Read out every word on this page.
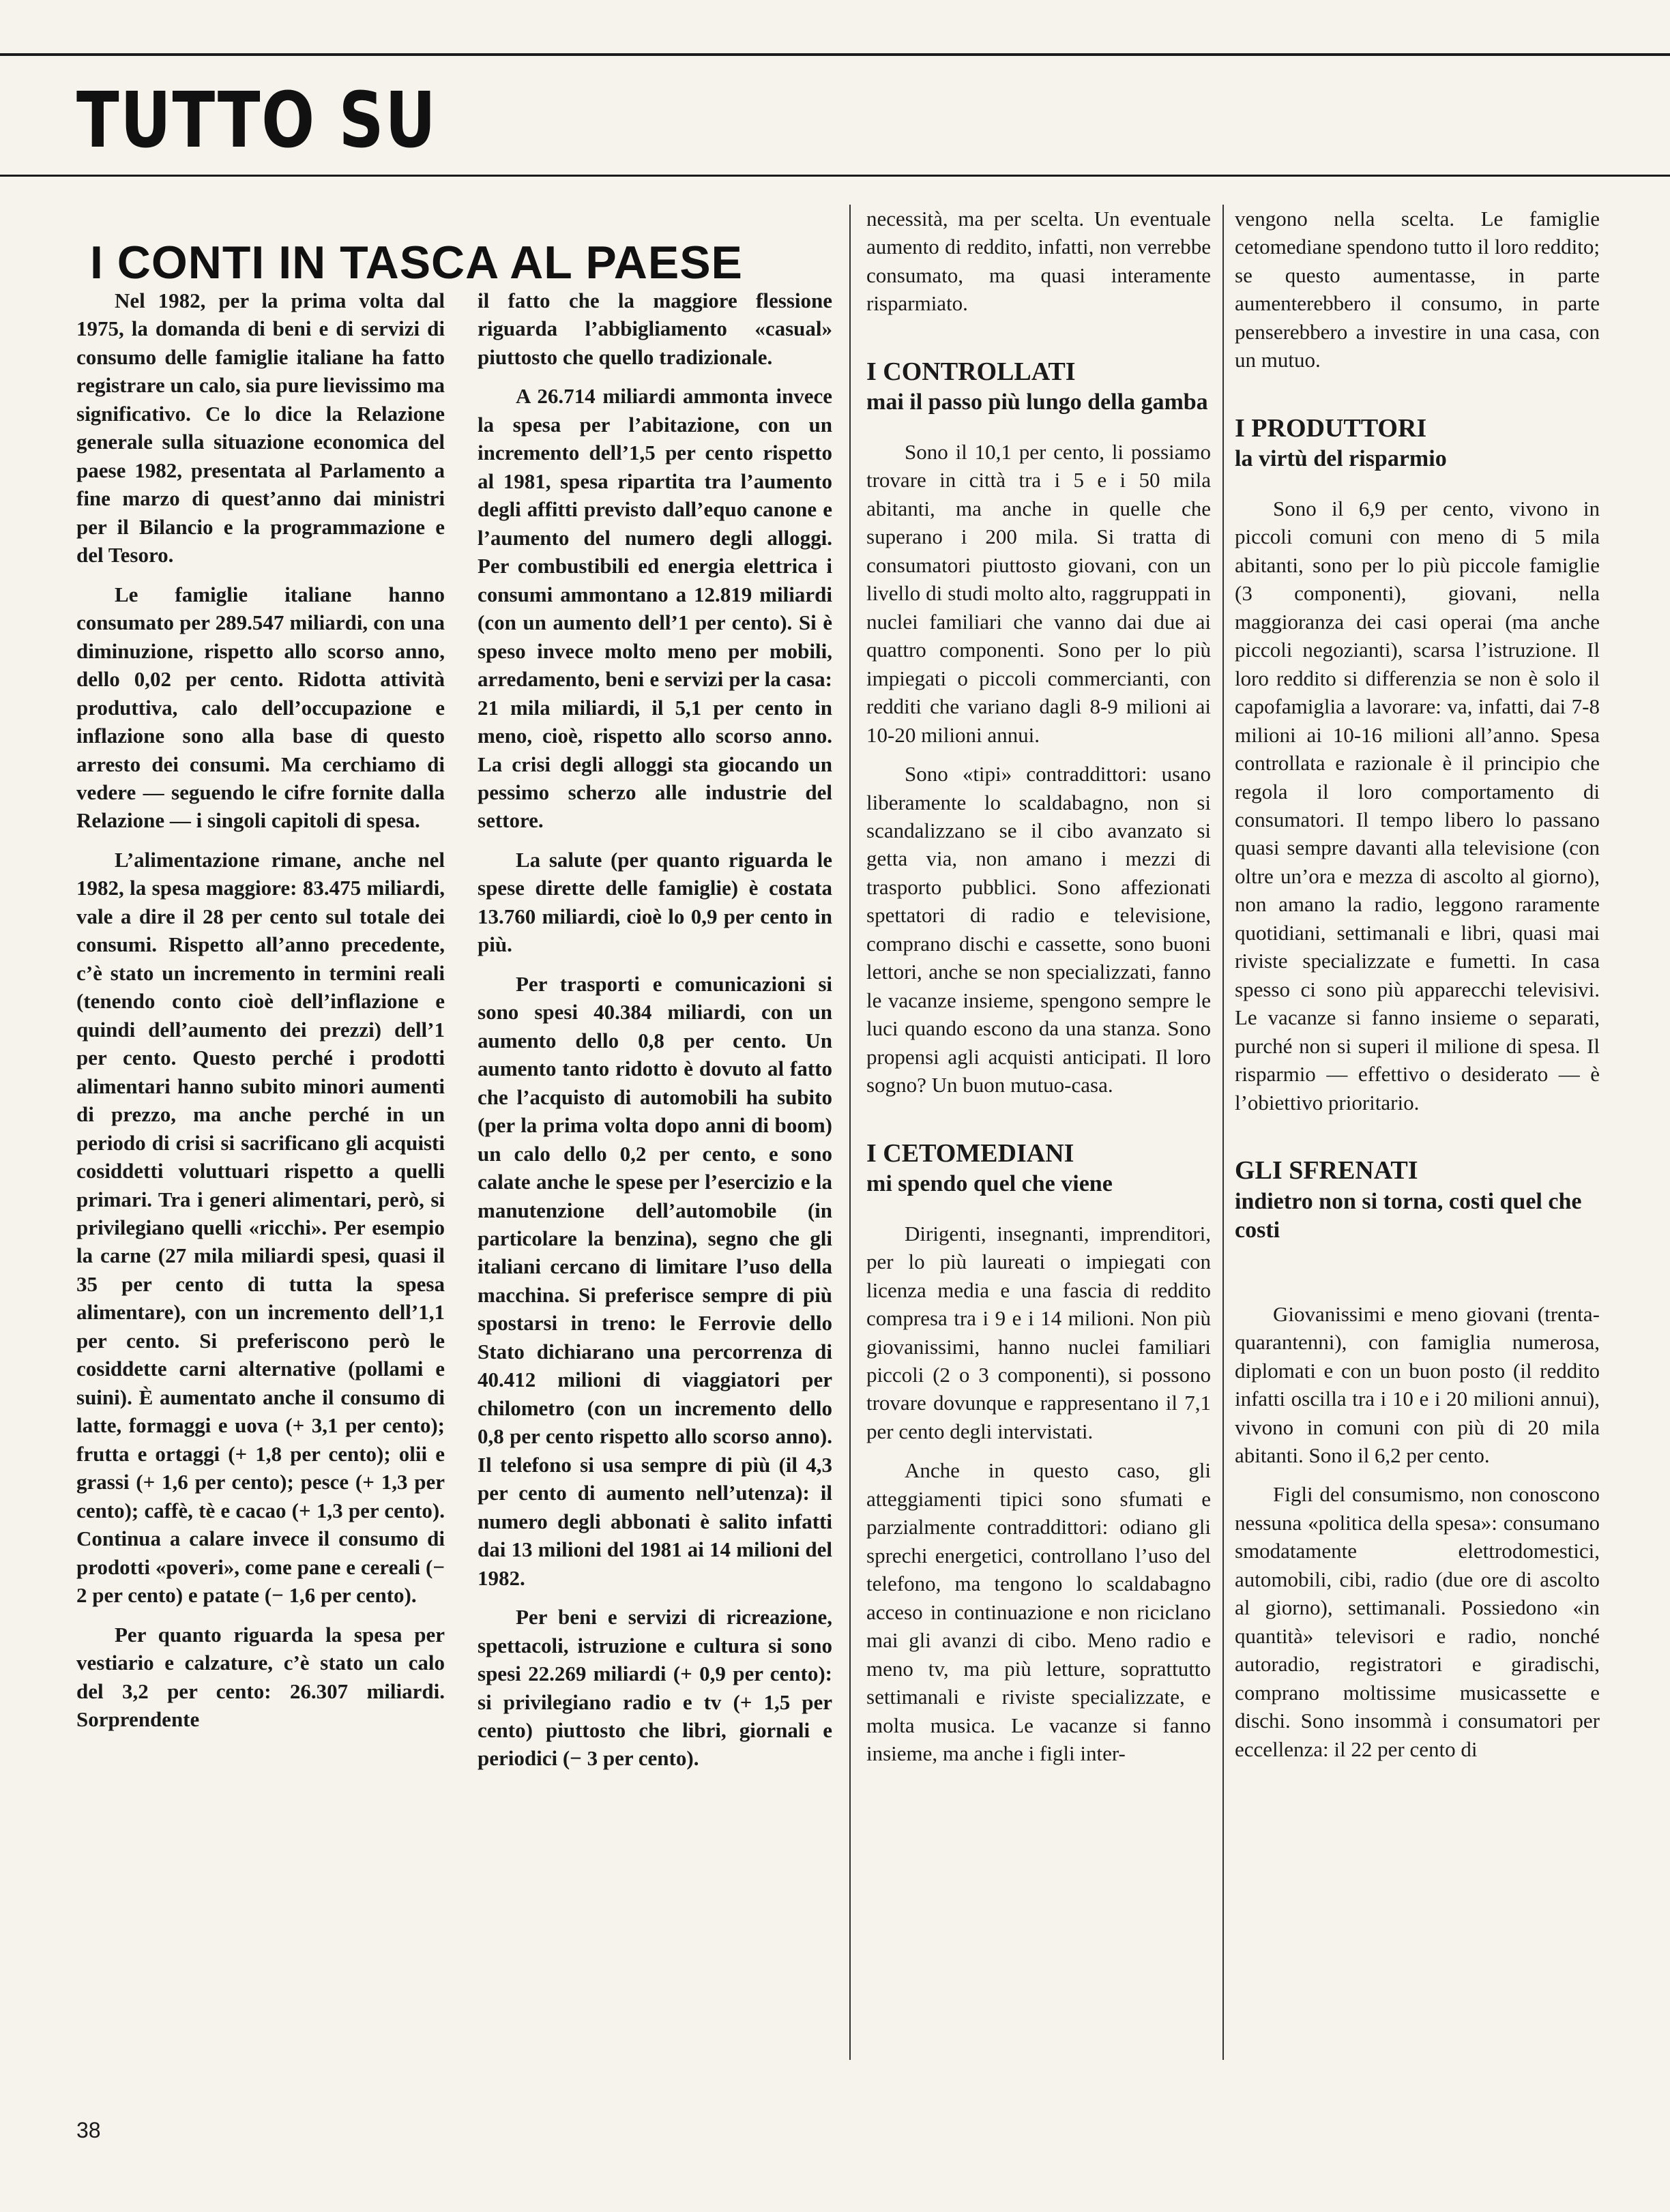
TUTTO SU
I CONTI IN TASCA AL PAESE

Nel 1982, per la prima volta dal 1975, la domanda di beni e di servizi di consumo delle famiglie italiane ha fatto registrare un calo, sia pure lievissimo ma significativo. Ce lo dice la Relazione generale sulla situazione economica del paese 1982, presentata al Parlamento a fine marzo di quest’anno dai ministri per il Bilancio e la programmazione e del Tesoro.

Le famiglie italiane hanno consumato per 289.547 miliardi, con una diminuzione, rispetto allo scorso anno, dello 0,02 per cento. Ridotta attività produttiva, calo dell’occupazione e inflazione sono alla base di questo arresto dei consumi. Ma cerchiamo di vedere — seguendo le cifre fornite dalla Relazione — i singoli capitoli di spesa.

L’alimentazione rimane, anche nel 1982, la spesa maggiore: 83.475 miliardi, vale a dire il 28 per cento sul totale dei consumi. Rispetto all’anno precedente, c’è stato un incremento in termini reali (tenendo conto cioè dell’inflazione e quindi dell’aumento dei prezzi) dell’1 per cento. Questo perché i prodotti alimentari hanno subito minori aumenti di prezzo, ma anche perché in un periodo di crisi si sacrificano gli acquisti cosiddetti voluttuari rispetto a quelli primari. Tra i generi alimentari, però, si privilegiano quelli «ricchi». Per esempio la carne (27 mila miliardi spesi, quasi il 35 per cento di tutta la spesa alimentare), con un incremento dell’1,1 per cento. Si preferiscono però le cosiddette carni alternative (pollami e suini). È aumentato anche il consumo di latte, formaggi e uova (+ 3,1 per cento); frutta e ortaggi (+ 1,8 per cento); olii e grassi (+ 1,6 per cento); pesce (+ 1,3 per cento); caffè, tè e cacao (+ 1,3 per cento). Continua a calare invece il consumo di prodotti «poveri», come pane e cereali (− 2 per cento) e patate (− 1,6 per cento).

Per quanto riguarda la spesa per vestiario e calzature, c’è stato un calo del 3,2 per cento: 26.307 miliardi. Sorprendente

il fatto che la maggiore flessione riguarda l’abbigliamento «casual» piuttosto che quello tradizionale.

A 26.714 miliardi ammonta invece la spesa per l’abitazione, con un incremento dell’1,5 per cento rispetto al 1981, spesa ripartita tra l’aumento degli affitti previsto dall’equo canone e l’aumento del numero degli alloggi. Per combustibili ed energia elettrica i consumi ammontano a 12.819 miliardi (con un aumento dell’1 per cento). Si è speso invece molto meno per mobili, arredamento, beni e servizi per la casa: 21 mila miliardi, il 5,1 per cento in meno, cioè, rispetto allo scorso anno. La crisi degli alloggi sta giocando un pessimo scherzo alle industrie del settore.

La salute (per quanto riguarda le spese dirette delle famiglie) è costata 13.760 miliardi, cioè lo 0,9 per cento in più.

Per trasporti e comunicazioni si sono spesi 40.384 miliardi, con un aumento dello 0,8 per cento. Un aumento tanto ridotto è dovuto al fatto che l’acquisto di automobili ha subito (per la prima volta dopo anni di boom) un calo dello 0,2 per cento, e sono calate anche le spese per l’esercizio e la manutenzione dell’automobile (in particolare la benzina), segno che gli italiani cercano di limitare l’uso della macchina. Si preferisce sempre di più spostarsi in treno: le Ferrovie dello Stato dichiarano una percorrenza di 40.412 milioni di viaggiatori per chilometro (con un incremento dello 0,8 per cento rispetto allo scorso anno). Il telefono si usa sempre di più (il 4,3 per cento di aumento nell’utenza): il numero degli abbonati è salito infatti dai 13 milioni del 1981 ai 14 milioni del 1982.

Per beni e servizi di ricreazione, spettacoli, istruzione e cultura si sono spesi 22.269 miliardi (+ 0,9 per cento): si privilegiano radio e tv (+ 1,5 per cento) piuttosto che libri, giornali e periodici (− 3 per cento).

necessità, ma per scelta. Un eventuale aumento di reddito, infatti, non verrebbe consumato, ma quasi interamente risparmiato.

I CONTROLLATI
mai il passo più lungo della gamba

Sono il 10,1 per cento, li possiamo trovare in città tra i 5 e i 50 mila abitanti, ma anche in quelle che superano i 200 mila. Si tratta di consumatori piuttosto giovani, con un livello di studi molto alto, raggruppati in nuclei familiari che vanno dai due ai quattro componenti. Sono per lo più impiegati o piccoli commercianti, con redditi che variano dagli 8-9 milioni ai 10-20 milioni annui.

Sono «tipi» contraddittori: usano liberamente lo scaldabagno, non si scandalizzano se il cibo avanzato si getta via, non amano i mezzi di trasporto pubblici. Sono affezionati spettatori di radio e televisione, comprano dischi e cassette, sono buoni lettori, anche se non specializzati, fanno le vacanze insieme, spengono sempre le luci quando escono da una stanza. Sono propensi agli acquisti anticipati. Il loro sogno? Un buon mutuo-casa.

I CETOMEDIANI
mi spendo quel che viene

Dirigenti, insegnanti, imprenditori, per lo più laureati o impiegati con licenza media e una fascia di reddito compresa tra i 9 e i 14 milioni. Non più giovanissimi, hanno nuclei familiari piccoli (2 o 3 componenti), si possono trovare dovunque e rappresentano il 7,1 per cento degli intervistati.

Anche in questo caso, gli atteggiamenti tipici sono sfumati e parzialmente contraddittori: odiano gli sprechi energetici, controllano l’uso del telefono, ma tengono lo scaldabagno acceso in continuazione e non riciclano mai gli avanzi di cibo. Meno radio e meno tv, ma più letture, soprattutto settimanali e riviste specializzate, e molta musica. Le vacanze si fanno insieme, ma anche i figli inter-

vengono nella scelta. Le famiglie cetomediane spendono tutto il loro reddito; se questo aumentasse, in parte aumenterebbero il consumo, in parte penserebbero a investire in una casa, con un mutuo.

I PRODUTTORI
la virtù del risparmio

Sono il 6,9 per cento, vivono in piccoli comuni con meno di 5 mila abitanti, sono per lo più piccole famiglie (3 componenti), giovani, nella maggioranza dei casi operai (ma anche piccoli negozianti), scarsa l’istruzione. Il loro reddito si differenzia se non è solo il capofamiglia a lavorare: va, infatti, dai 7-8 milioni ai 10-16 milioni all’anno. Spesa controllata e razionale è il principio che regola il loro comportamento di consumatori. Il tempo libero lo passano quasi sempre davanti alla televisione (con oltre un’ora e mezza di ascolto al giorno), non amano la radio, leggono raramente quotidiani, settimanali e libri, quasi mai riviste specializzate e fumetti. In casa spesso ci sono più apparecchi televisivi. Le vacanze si fanno insieme o separati, purché non si superi il milione di spesa. Il risparmio — effettivo o desiderato — è l’obiettivo prioritario.

GLI SFRENATI
indietro non si torna, costi quel che costi

Giovanissimi e meno giovani (trenta-quarantenni), con famiglia numerosa, diplomati e con un buon posto (il reddito infatti oscilla tra i 10 e i 20 milioni annui), vivono in comuni con più di 20 mila abitanti. Sono il 6,2 per cento.

Figli del consumismo, non conoscono nessuna «politica della spesa»: consumano smodatamente elettrodomestici, automobili, cibi, radio (due ore di ascolto al giorno), settimanali. Possiedono «in quantità» televisori e radio, nonché autoradio, registratori e giradischi, comprano moltissime musicassette e dischi. Sono insommà i consumatori per eccellenza: il 22 per cento di

38
